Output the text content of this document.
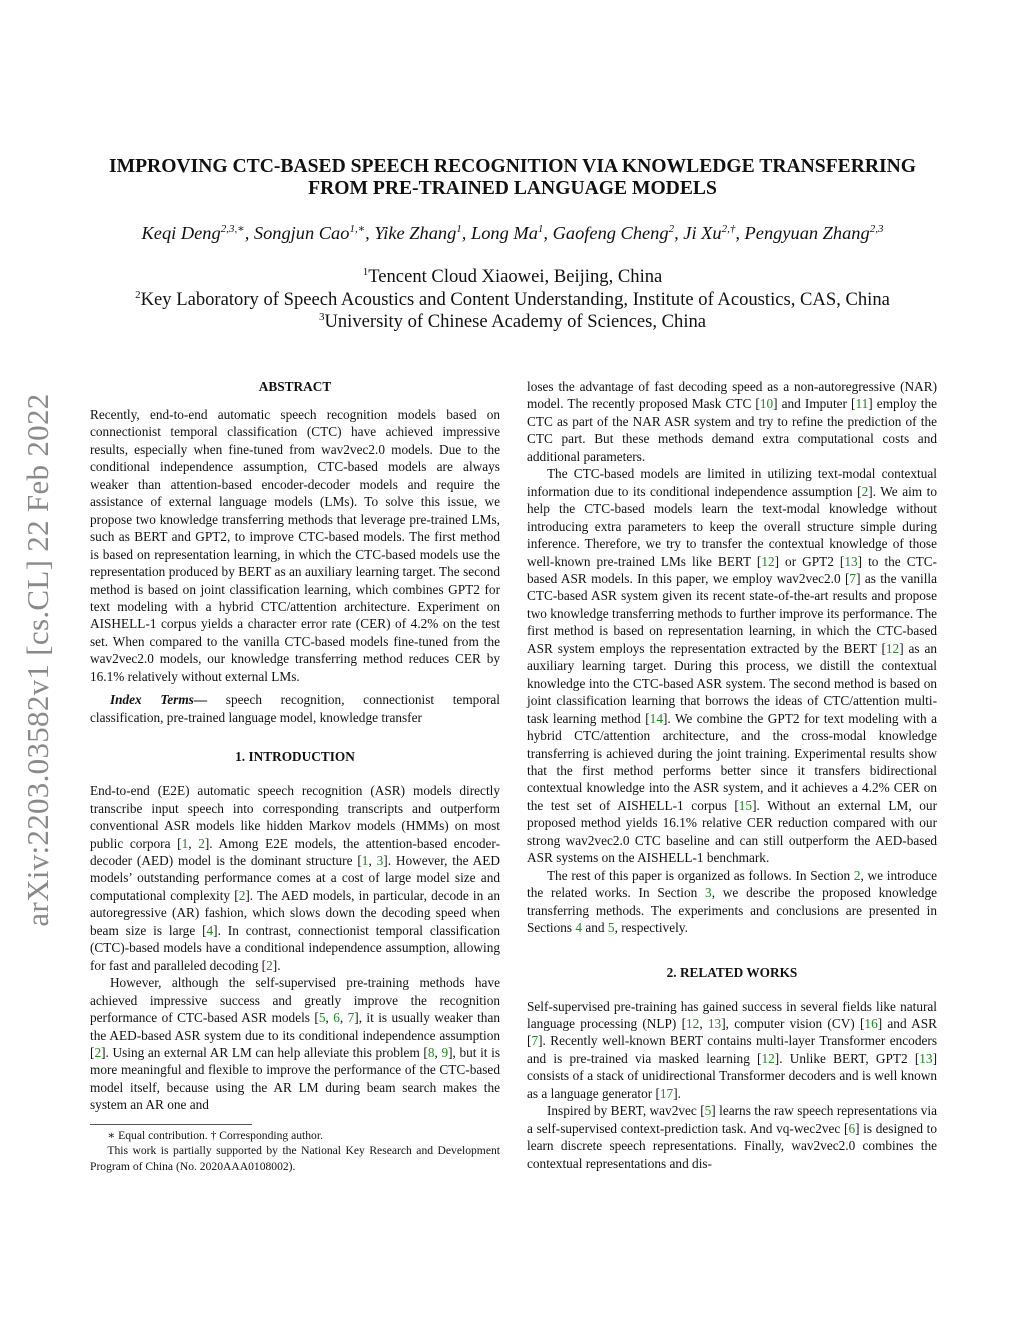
arXiv:2203.03582v1 [cs.CL] 22 Feb 2022
IMPROVING CTC-BASED SPEECH RECOGNITION VIA KNOWLEDGE TRANSFERRING
FROM PRE-TRAINED LANGUAGE MODELS
Keqi Deng$^{2,3,∗}$, Songjun Cao$^{1,∗}$, Yike Zhang$^1$, Long Ma$^1$, Gaofeng Cheng$^2$, Ji $Xu^{2,\dagger}$, Pengyuan Zhang$^{2,3}$
$^1$Tencent Cloud Xiaowei, Beijing, China
$^2$Key Laboratory of Speech Acoustics and Content Understanding, Institute of Acoustics, CAS, China
$^3$University of Chinese Academy of Sciences, China
ABSTRACT

Recently, end-to-end automatic speech recognition models based on connectionist temporal classification (CTC) have achieved impressive results, especially when fine-tuned from wav2vec2.0 models. Due to the conditional independence assumption, CTC-based models are always weaker than attention-based encoder-decoder models and require the assistance of external language models (LMs). To solve this issue, we propose two knowledge transferring methods that leverage pre-trained LMs, such as BERT and GPT2, to improve CTC-based models. The first method is based on representation learning, in which the CTC-based models use the representation produced by BERT as an auxiliary learning target. The second method is based on joint classification learning, which combines GPT2 for text modeling with a hybrid CTC/attention architecture. Experiment on AISHELL-1 corpus yields a character error rate (CER) of 4.2% on the test set. When compared to the vanilla CTC-based models fine-tuned from the wav2vec2.0 models, our knowledge transferring method reduces CER by 16.1% relatively without external LMs.

Index Terms— speech recognition, connectionist temporal classification, pre-trained language model, knowledge transfer

1. INTRODUCTION

End-to-end (E2E) automatic speech recognition (ASR) models directly transcribe input speech into corresponding transcripts and outperform conventional ASR models like hidden Markov models (HMMs) on most public corpora [1, 2]. Among E2E models, the attention-based encoder-decoder (AED) model is the dominant structure [1, 3]. However, the AED models’ outstanding performance comes at a cost of large model size and computational complexity [2]. The AED models, in particular, decode in an autoregressive (AR) fashion, which slows down the decoding speed when beam size is large [4]. In contrast, connectionist temporal classification (CTC)-based models have a conditional independence assumption, allowing for fast and paralleled decoding [2].

However, although the self-supervised pre-training methods have achieved impressive success and greatly improve the recognition performance of CTC-based ASR models [5, 6, 7], it is usually weaker than the AED-based ASR system due to its conditional independence assumption [2]. Using an external AR LM can help alleviate this problem [8, 9], but it is more meaningful and flexible to improve the performance of the CTC-based model itself, because using the AR LM during beam search makes the system an AR one and

∗ Equal contribution. † Corresponding author.

This work is partially supported by the National Key Research and Development Program of China (No. 2020AAA0108002).

loses the advantage of fast decoding speed as a non-autoregressive (NAR) model. The recently proposed Mask CTC [10] and Imputer [11] employ the CTC as part of the NAR ASR system and try to refine the prediction of the CTC part. But these methods demand extra computational costs and additional parameters.

The CTC-based models are limited in utilizing text-modal contextual information due to its conditional independence assumption [2]. We aim to help the CTC-based models learn the text-modal knowledge without introducing extra parameters to keep the overall structure simple during inference. Therefore, we try to transfer the contextual knowledge of those well-known pre-trained LMs like BERT [12] or GPT2 [13] to the CTC-based ASR models. In this paper, we employ wav2vec2.0 [7] as the vanilla CTC-based ASR system given its recent state-of-the-art results and propose two knowledge transferring methods to further improve its performance. The first method is based on representation learning, in which the CTC-based ASR system employs the representation extracted by the BERT [12] as an auxiliary learning target. During this process, we distill the contextual knowledge into the CTC-based ASR system. The second method is based on joint classification learning that borrows the ideas of CTC/attention multi-task learning method [14]. We combine the GPT2 for text modeling with a hybrid CTC/attention architecture, and the cross-modal knowledge transferring is achieved during the joint training. Experimental results show that the first method performs better since it transfers bidirectional contextual knowledge into the ASR system, and it achieves a 4.2% CER on the test set of AISHELL-1 corpus [15]. Without an external LM, our proposed method yields 16.1% relative CER reduction compared with our strong wav2vec2.0 CTC baseline and can still outperform the AED-based ASR systems on the AISHELL-1 benchmark.

The rest of this paper is organized as follows. In Section 2, we introduce the related works. In Section 3, we describe the proposed knowledge transferring methods. The experiments and conclusions are presented in Sections 4 and 5, respectively.

2. RELATED WORKS

Self-supervised pre-training has gained success in several fields like natural language processing (NLP) [12, 13], computer vision (CV) [16] and ASR [7]. Recently well-known BERT contains multi-layer Transformer encoders and is pre-trained via masked learning [12]. Unlike BERT, GPT2 [13] consists of a stack of unidirectional Transformer decoders and is well known as a language generator [17].

Inspired by BERT, wav2vec [5] learns the raw speech representations via a self-supervised context-prediction task. And vq-wec2vec [6] is designed to learn discrete speech representations. Finally, wav2vec2.0 combines the contextual representations and dis-
